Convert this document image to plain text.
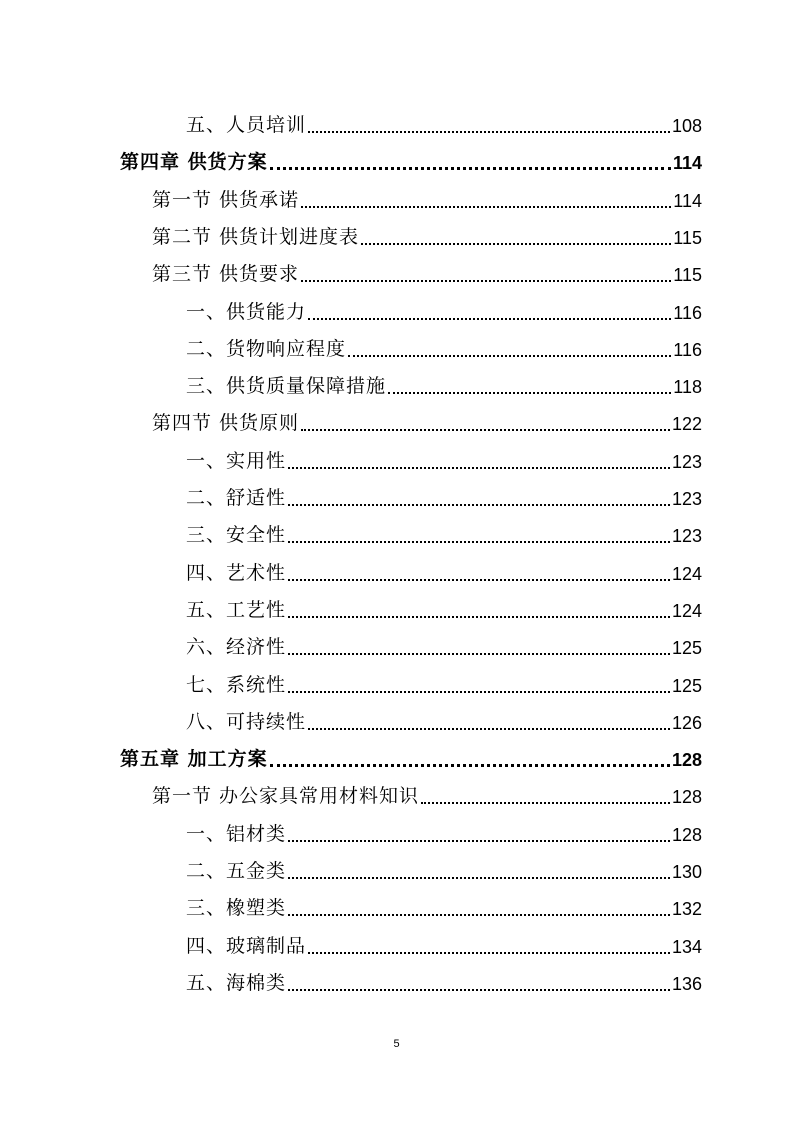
五、人员培训	108
第四章 供货方案	114
第一节 供货承诺	114
第二节 供货计划进度表	115
第三节 供货要求	115
一、供货能力	116
二、货物响应程度	116
三、供货质量保障措施	118
第四节 供货原则	122
一、实用性	123
二、舒适性	123
三、安全性	123
四、艺术性	124
五、工艺性	124
六、经济性	125
七、系统性	125
八、可持续性	126
第五章 加工方案	128
第一节 办公家具常用材料知识	128
一、铝材类	128
二、五金类	130
三、橡塑类	132
四、玻璃制品	134
五、海棉类	136
5
